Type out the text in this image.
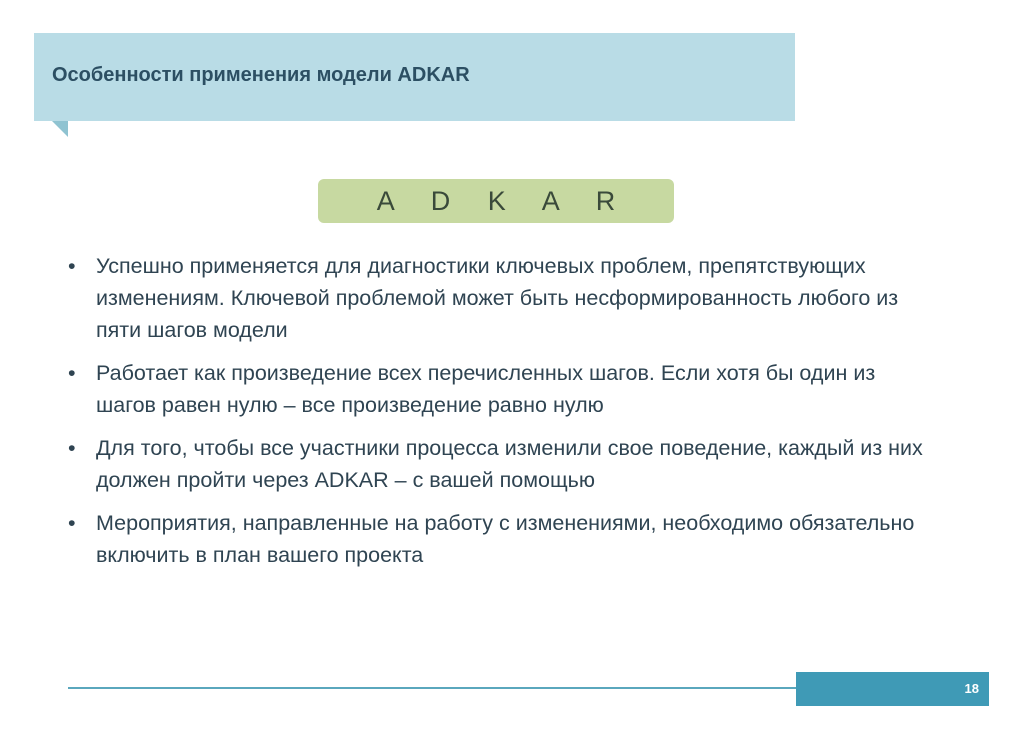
Особенности применения модели ADKAR
A D K A R
• Успешно применяется для диагностики ключевых проблем, препятствующих изменениям. Ключевой проблемой может быть несформированность любого из пяти шагов модели
• Работает как произведение всех перечисленных шагов. Если хотя бы один из шагов равен нулю – все произведение равно нулю
• Для того, чтобы все участники процесса изменили свое поведение, каждый из них должен пройти через ADKAR – с вашей помощью
• Мероприятия, направленные на работу с изменениями, необходимо обязательно включить в план вашего проекта
18
